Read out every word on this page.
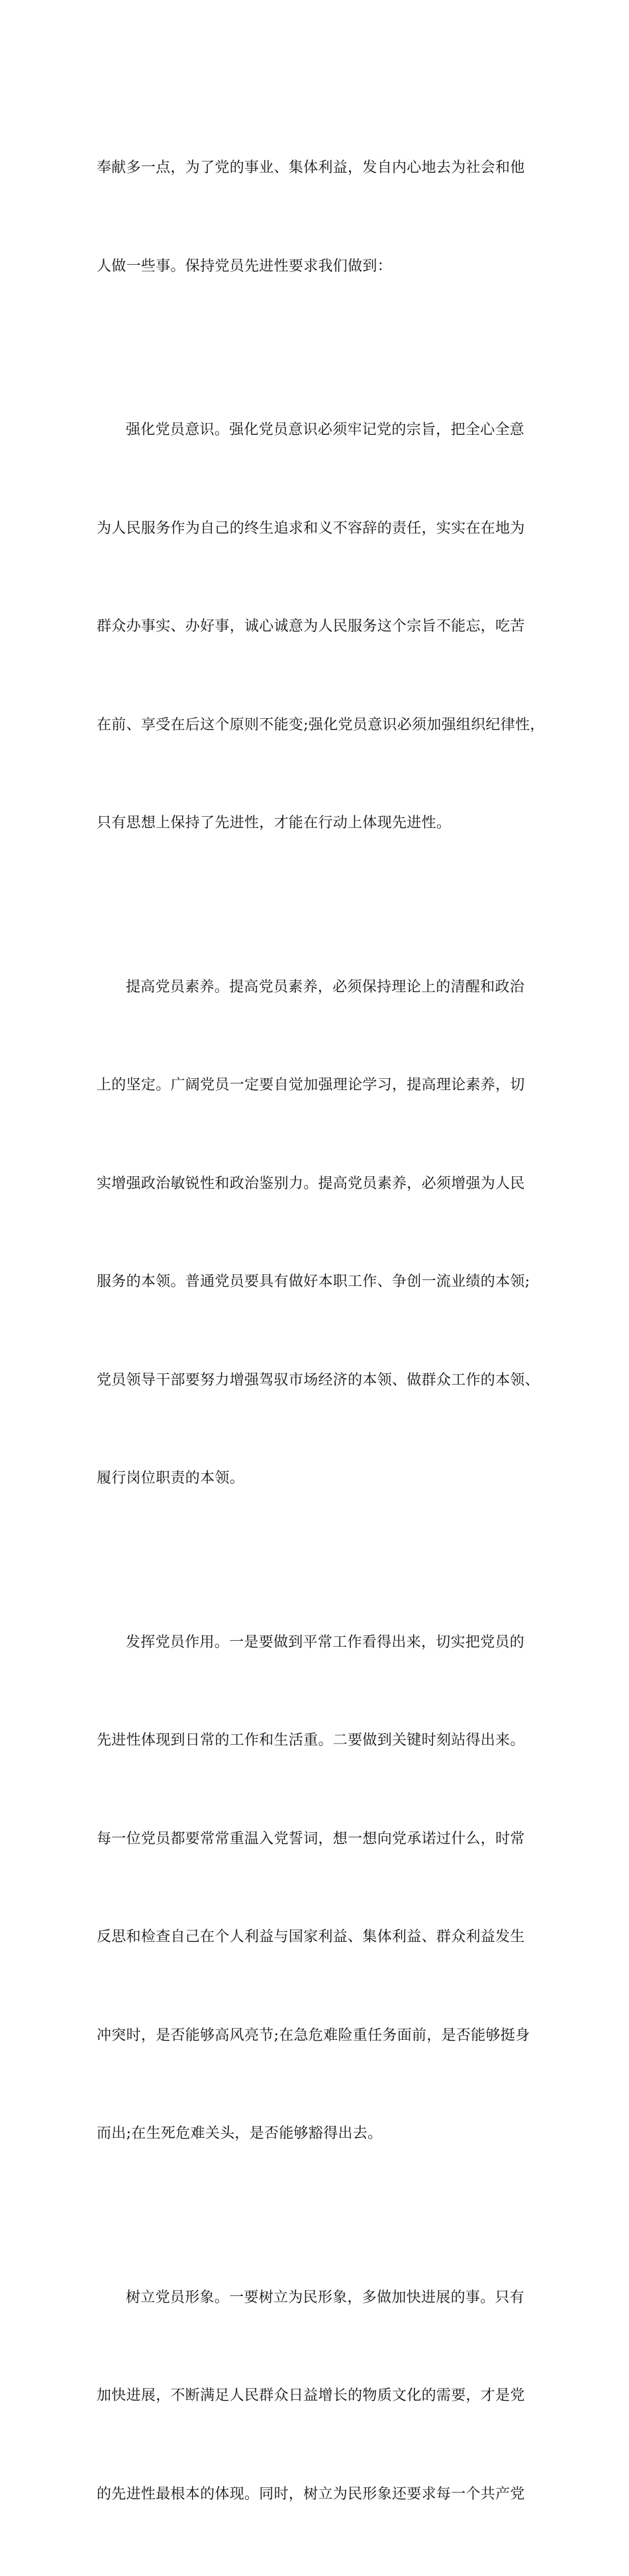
奉献多一点，为了党的事业、集体利益，发自内心地去为社会和他

人做一些事。保持党员先进性要求我们做到：

强化党员意识。强化党员意识必须牢记党的宗旨，把全心全意

为人民服务作为自己的终生追求和义不容辞的责任，实实在在地为

群众办事实、办好事，诚心诚意为人民服务这个宗旨不能忘，吃苦

在前、享受在后这个原则不能变;强化党员意识必须加强组织纪律性，

只有思想上保持了先进性，才能在行动上体现先进性。

提高党员素养。提高党员素养，必须保持理论上的清醒和政治

上的坚定。广阔党员一定要自觉加强理论学习，提高理论素养，切

实增强政治敏锐性和政治鉴别力。提高党员素养，必须增强为人民

服务的本领。普通党员要具有做好本职工作、争创一流业绩的本领;

党员领导干部要努力增强驾驭市场经济的本领、做群众工作的本领、

履行岗位职责的本领。

发挥党员作用。一是要做到平常工作看得出来，切实把党员的

先进性体现到日常的工作和生活重。二要做到关键时刻站得出来。

每一位党员都要常常重温入党誓词，想一想向党承诺过什么，时常

反思和检查自己在个人利益与国家利益、集体利益、群众利益发生

冲突时，是否能够高风亮节;在急危难险重任务面前，是否能够挺身

而出;在生死危难关头，是否能够豁得出去。

树立党员形象。一要树立为民形象，多做加快进展的事。只有

加快进展，不断满足人民群众日益增长的物质文化的需要，才是党

的先进性最根本的体现。同时，树立为民形象还要求每一个共产党
